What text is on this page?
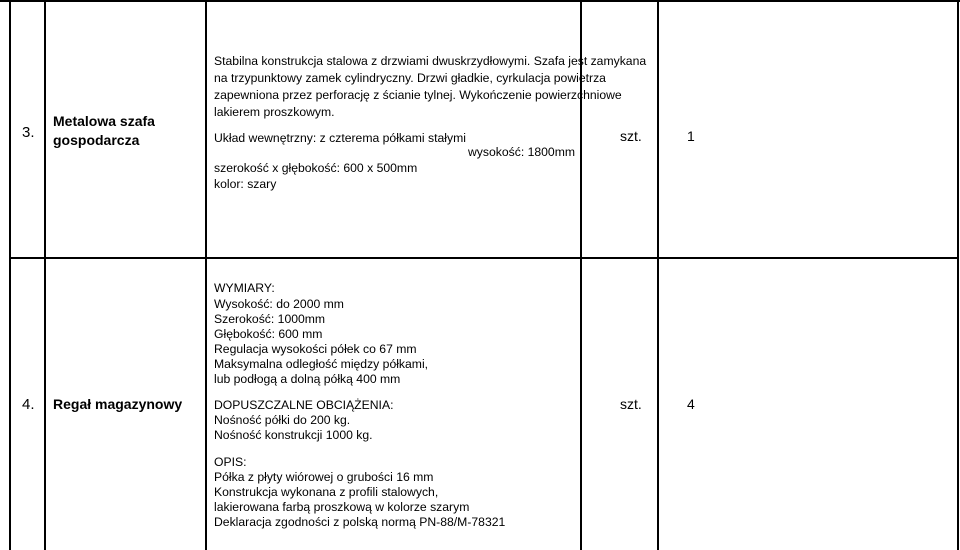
3.
Metalowa szafa
gospodarcza
Stabilna konstrukcja stalowa z drzwiami dwuskrzydłowymi. Szafa jest zamykana
na trzypunktowy zamek cylindryczny. Drzwi gładkie, cyrkulacja powietrza
zapewniona przez perforację z ścianie tylnej. Wykończenie powierzchniowe
lakierem proszkowym.
Układ wewnętrzny: z czterema półkami stałymi
wysokość: 1800mm
szerokość x głębokość: 600 x 500mm
kolor: szary
szt.	1
4. Regał magazynowy
WYMIARY:
Wysokość: do 2000 mm
Szerokość: 1000mm
Głębokość: 600 mm
Regulacja wysokości półek co 67 mm
Maksymalna odległość między półkami,
lub podłogą a dolną półką 400 mm
DOPUSZCZALNE OBCIĄŻENIA:
Nośność półki do 200 kg.
Nośność konstrukcji 1000 kg.
OPIS:
Półka z płyty wiórowej o grubości 16 mm
Konstrukcja wykonana z profili stalowych,
lakierowana farbą proszkową w kolorze szarym
Deklaracja zgodności z polską normą PN-88/M-78321
szt.	4
